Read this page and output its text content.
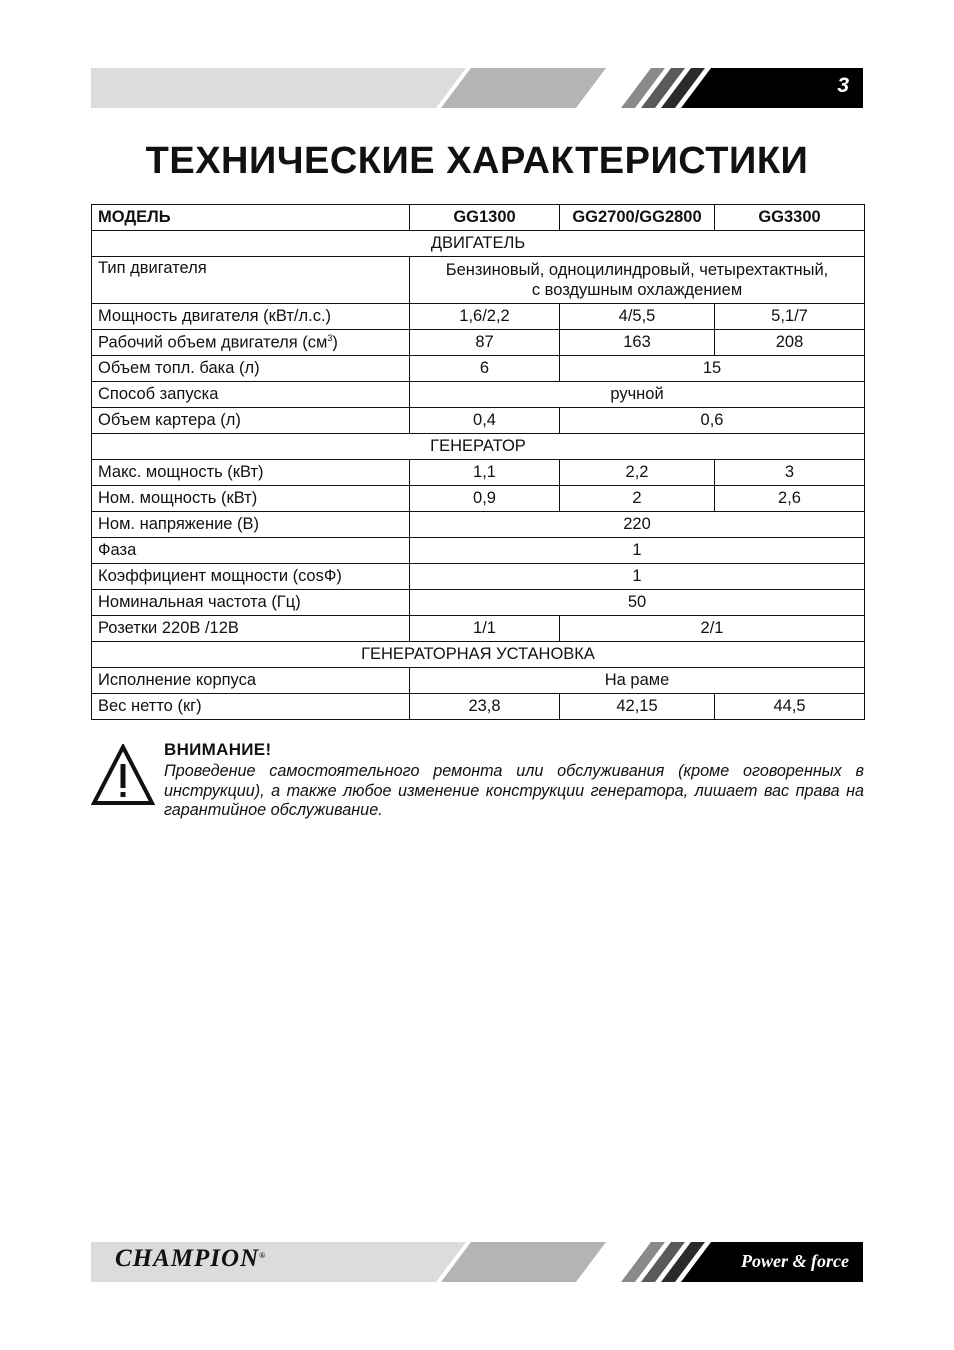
3
ТЕХНИЧЕСКИЕ ХАРАКТЕРИСТИКИ
МОДЕЛЬ	GG1300	GG2700/GG2800	GG3300
ДВИГАТЕЛЬ			
Тип двигателя	Бензиновый, одноцилиндровый, четырехтактный,
с воздушным охлаждением		
Мощность двигателя (кВт/л.с.)	1,6/2,2	4/5,5	5,1/7
Рабочий объем двигателя $(см^3)$	87	163	208
Объем топл. бака (л)	6	15	
Способ запуска	ручной		
Объем картера (л)	0,4	0,6	
ГЕНЕРАТОР			
Макс. мощность (кВт)	1,1	2,2	3
Ном. мощность (кВт)	0,9	2	2,6
Ном. напряжение (В)	220		
Фаза	1		
Коэффициент мощности (cosФ)	1		
Номинальная частота (Гц)	50		
Розетки 220В /12В	1/1	2/1	
ГЕНЕРАТОРНАЯ УСТАНОВКА			
Исполнение корпуса	На раме		
Вес нетто (кг)	23,8	42,15	44,5
ВНИМАНИЕ!

Проведение самостоятельного ремонта или обслуживания (кроме оговоренных в инструкции), а также любое изменение конструкции генератора, лишает вас права на гарантийное обслуживание.

CHAMPION®	Power & force
